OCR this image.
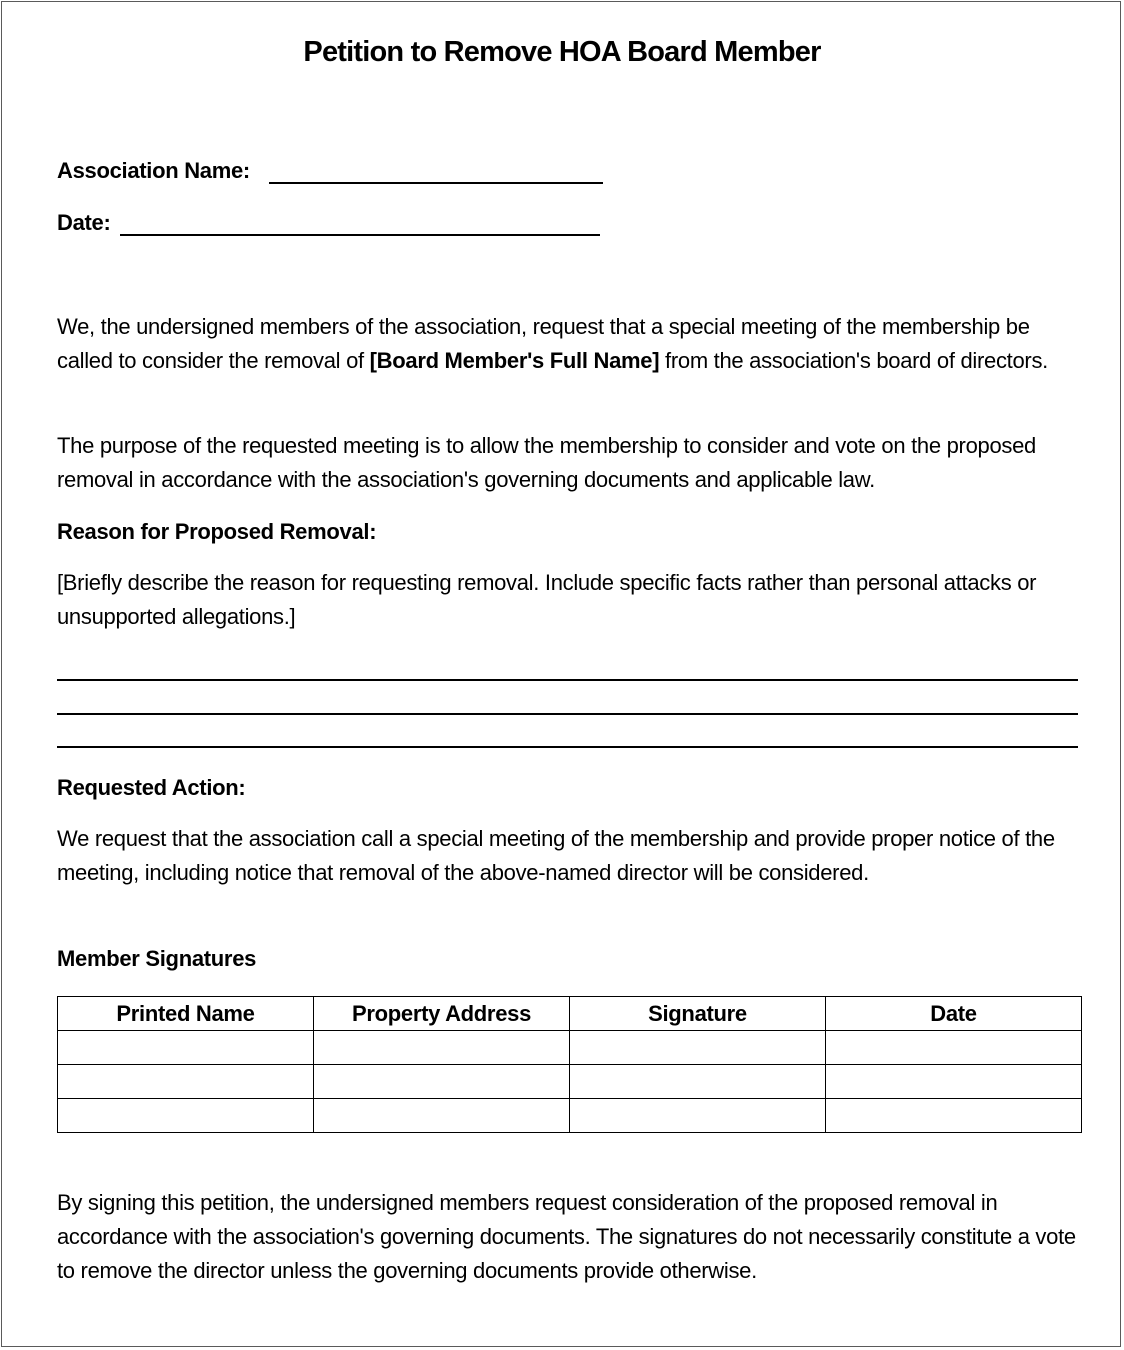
Petition to Remove HOA Board Member
Association Name:
Date:

We, the undersigned members of the association, request that a special meeting of the membership be called to consider the removal of [Board Member's Full Name] from the association's board of directors.

The purpose of the requested meeting is to allow the membership to consider and vote on the proposed removal in accordance with the association's governing documents and applicable law.

Reason for Proposed Removal:

[Briefly describe the reason for requesting removal. Include specific facts rather than personal attacks or unsupported allegations.]

Requested Action:

We request that the association call a special meeting of the membership and provide proper notice of the meeting, including notice that removal of the above-named director will be considered.

Member Signatures

Printed Name	Property Address	Signature	Date

By signing this petition, the undersigned members request consideration of the proposed removal in accordance with the association's governing documents. The signatures do not necessarily constitute a vote to remove the director unless the governing documents provide otherwise.
